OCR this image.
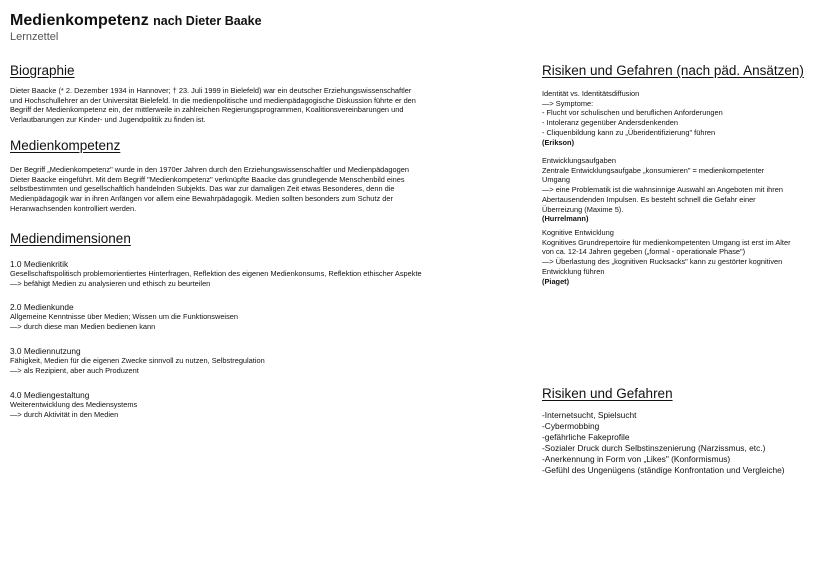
Medienkompetenz nach Dieter Baake
Lernzettel
Biographie

Dieter Baacke (* 2. Dezember 1934 in Hannover; † 23. Juli 1999 in Bielefeld) war ein deutscher Erziehungswissenschaftler

und Hochschullehrer an der Universität Bielefeld. In die medienpolitische und medienpädagogische Diskussion führte er den

Begriff der Medienkompetenz ein, der mittlerweile in zahlreichen Regierungsprogrammen, Koalitionsvereinbarungen und

Verlautbarungen zur Kinder- und Jugendpolitik zu finden ist.

Medienkompetenz

Der Begriff „Medienkompetenz" wurde in den 1970er Jahren durch den Erziehungswissenschaftler und Medienpädagogen

Dieter Baacke eingeführt. Mit dem Begriff "Medienkompetenz" verknüpfte Baacke das grundlegende Menschenbild eines

selbstbestimmten und gesellschaftlich handelnden Subjekts. Das war zur damaligen Zeit etwas Besonderes, denn die

Medienpädagogik war in ihren Anfängen vor allem eine Bewahrpädagogik. Medien sollten besonders zum Schutz der

Heranwachsenden kontrolliert werden.

Mediendimensionen
1.0 Medienkritik
Gesellschaftspolitisch problemorientiertes Hinterfragen, Reflektion des eigenen Medienkonsums, Reflektion ethischer Aspekte
—> befähigt Medien zu analysieren und ethisch zu beurteilen
2.0 Medienkunde
Allgemeine Kenntnisse über Medien; Wissen um die Funktionsweisen
—> durch diese man Medien bedienen kann
3.0 Mediennutzung
Fähigkeit, Medien für die eigenen Zwecke sinnvoll zu nutzen, Selbstregulation
—> als Rezipient, aber auch Produzent
4.0 Mediengestaltung
Weiterentwicklung des Mediensystems
—> durch Aktivität in den Medien
Risiken und Gefahren (nach päd. Ansätzen)

Identität vs. Identitätsdiffusion

—> Symptome:

- Flucht vor schulischen und beruflichen Anforderungen

- Intoleranz gegenüber Andersdenkenden

- Cliquenbildung kann zu „Überidentifizierung" führen

(Erikson)

Entwicklungsaufgaben

Zentrale Entwicklungsaufgabe „konsumieren" = medienkompetenter

Umgang

—> eine Problematik ist die wahnsinnige Auswahl an Angeboten mit ihren

Abertausendenden Impulsen. Es besteht schnell die Gefahr einer

Überreizung (Maxime 5).

(Hurrelmann)

Kognitive Entwicklung

Kognitives Grundrepertoire für medienkompetenten Umgang ist erst im Alter

von ca. 12-14 Jahren gegeben („formal - operationale Phase")

—> Überlastung des „kognitiven Rucksacks" kann zu gestörter kognitiven

Entwicklung führen

(Piaget)

Risiken und Gefahren

-Internetsucht, Spielsucht

-Cybermobbing

-gefährliche Fakeprofile

-Sozialer Druck durch Selbstinszenierung (Narzissmus, etc.)

-Anerkennung in Form von „Likes" (Konformismus)

-Gefühl des Ungenügens (ständige Konfrontation und Vergleiche)
